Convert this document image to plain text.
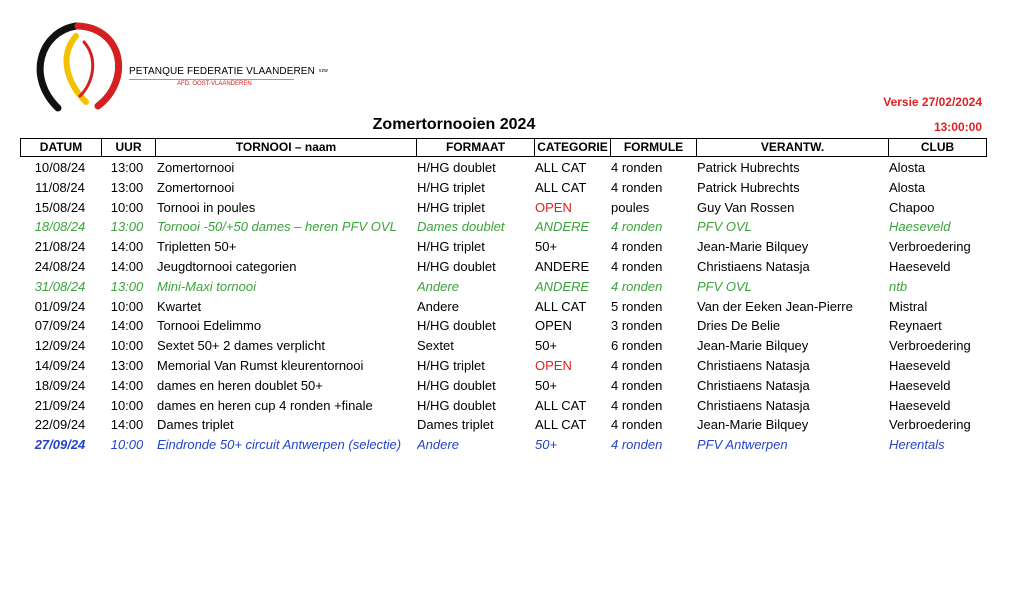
PETANQUE FEDERATIE VLAANDEREN vzw
AFD. OOST-VLAANDEREN
Versie 27/02/2024
Zomertornooien 2024	13:00:00
DATUM	UUR	TORNOOI – naam	FORMAAT	CATEGORIE	FORMULE	VERANTW.	CLUB
10/08/24	13:00	Zomertornooi	H/HG doublet	ALL CAT	4 ronden	Patrick Hubrechts	Alosta
11/08/24	13:00	Zomertornooi	H/HG triplet	ALL CAT	4 ronden	Patrick Hubrechts	Alosta
15/08/24	10:00	Tornooi in poules	H/HG triplet	OPEN	poules	Guy Van Rossen	Chapoo
18/08/24	13:00	Tornooi -50/+50 dames – heren PFV OVL	Dames doublet	ANDERE	4 ronden	PFV OVL	Haeseveld
21/08/24	14:00	Tripletten 50+	H/HG triplet	50+	4 ronden	Jean-Marie Bilquey	Verbroedering
24/08/24	14:00	Jeugdtornooi categorien	H/HG doublet	ANDERE	4 ronden	Christiaens Natasja	Haeseveld
31/08/24	13:00	Mini-Maxi tornooi	Andere	ANDERE	4 ronden	PFV OVL	ntb
01/09/24	10:00	Kwartet	Andere	ALL CAT	5 ronden	Van der Eeken Jean-Pierre	Mistral
07/09/24	14:00	Tornooi Edelimmo	H/HG doublet	OPEN	3 ronden	Dries De Belie	Reynaert
12/09/24	10:00	Sextet 50+ 2 dames verplicht	Sextet	50+	6 ronden	Jean-Marie Bilquey	Verbroedering
14/09/24	13:00	Memorial Van Rumst kleurentornooi	H/HG triplet	OPEN	4 ronden	Christiaens Natasja	Haeseveld
18/09/24	14:00	dames en heren doublet 50+	H/HG doublet	50+	4 ronden	Christiaens Natasja	Haeseveld
21/09/24	10:00	dames en heren cup 4 ronden +finale	H/HG doublet	ALL CAT	4 ronden	Christiaens Natasja	Haeseveld
22/09/24	14:00	Dames triplet	Dames triplet	ALL CAT	4 ronden	Jean-Marie Bilquey	Verbroedering
27/09/24	10:00	Eindronde 50+ circuit Antwerpen (selectie)	Andere	50+	4 ronden	PFV Antwerpen	Herentals
